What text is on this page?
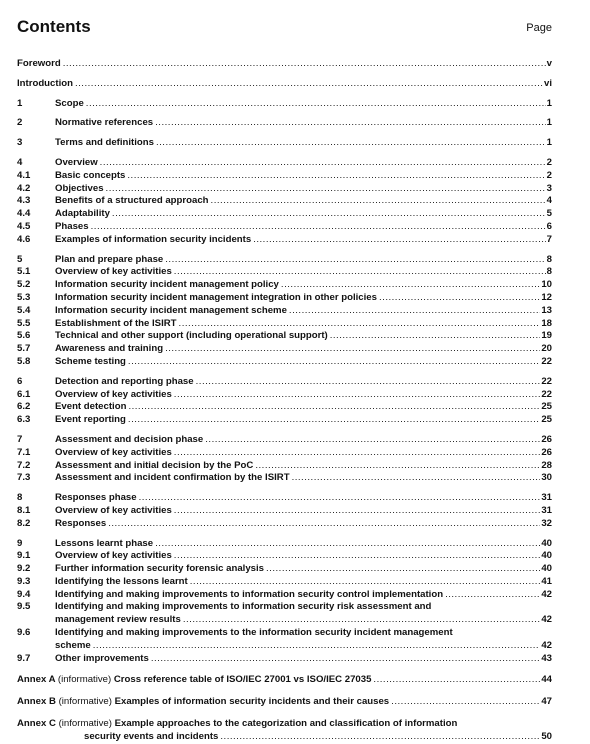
Contents	Page
Foreword .....	v
Introduction .....	vi
1	Scope .....	1
2	Normative references .....	1
3	Terms and definitions .....	1
4	Overview .....	2
4.1	Basic concepts .....	2
4.2	Objectives .....	3
4.3	Benefits of a structured approach .....	4
4.4	Adaptability .....	5
4.5	Phases .....	6
4.6	Examples of information security incidents .....	7
5	Plan and prepare phase .....	8
5.1	Overview of key activities .....	8
5.2	Information security incident management policy .....	10
5.3	Information security incident management integration in other policies .....	12
5.4	Information security incident management scheme .....	13
5.5	Establishment of the ISIRT .....	18
5.6	Technical and other support (including operational support) .....	19
5.7	Awareness and training .....	20
5.8	Scheme testing .....	22
6	Detection and reporting phase .....	22
6.1	Overview of key activities .....	22
6.2	Event detection .....	25
6.3	Event reporting .....	25
7	Assessment and decision phase .....	26
7.1	Overview of key activities .....	26
7.2	Assessment and initial decision by the PoC .....	28
7.3	Assessment and incident confirmation by the ISIRT .....	30
8	Responses phase .....	31
8.1	Overview of key activities .....	31
8.2	Responses .....	32
9	Lessons learnt phase .....	40
9.1	Overview of key activities .....	40
9.2	Further information security forensic analysis .....	40
9.3	Identifying the lessons learnt .....	41
9.4	Identifying and making improvements to information security control implementation .....	42
9.5	Identifying and making improvements to information security risk assessment and
management review results .....	42
9.6	Identifying and making improvements to the information security incident management
scheme .....	42
9.7	Other improvements .....	43
Annex A (informative) Cross reference table of ISO/IEC 27001 vs ISO/IEC 27035 .....	44
Annex B (informative) Examples of information security incidents and their causes .....	47
Annex C (informative) Example approaches to the categorization and classification of information
security events and incidents .....	50
